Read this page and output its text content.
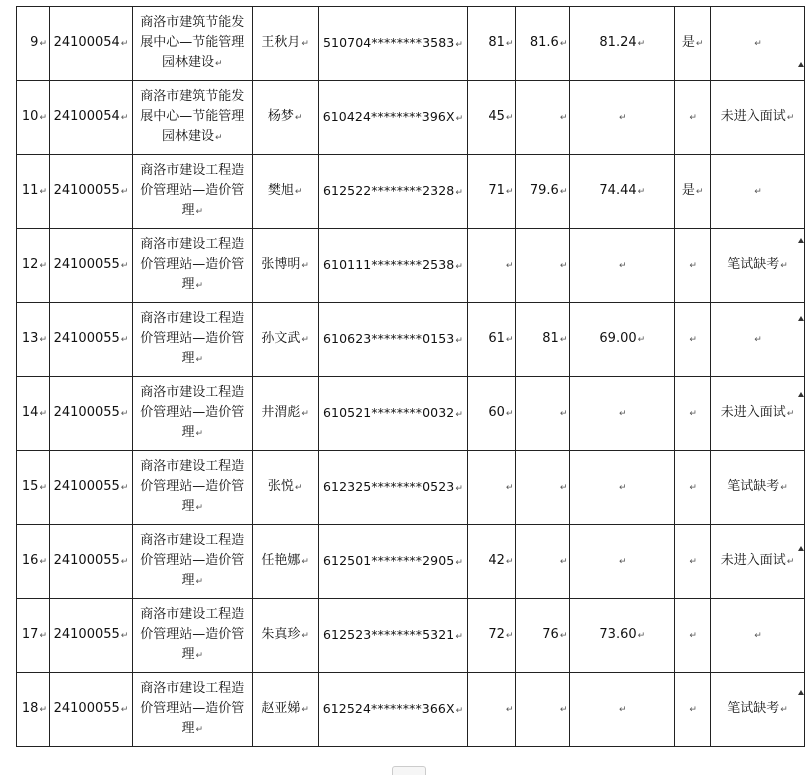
9↵	24100054↵	商洛市建筑节能发展中心—节能管理园林建设↵	王秋月↵	510704********3583↵	81↵	81.6↵	81.24↵	是↵	↵
10↵	24100054↵	商洛市建筑节能发展中心—节能管理园林建设↵	杨梦↵	610424********396X↵	45↵	↵	↵	↵	未进入面试↵
11↵	24100055↵	商洛市建设工程造价管理站—造价管理↵	樊旭↵	612522********2328↵	71↵	79.6↵	74.44↵	是↵	↵
12↵	24100055↵	商洛市建设工程造价管理站—造价管理↵	张博明↵	610111********2538↵	↵	↵	↵	↵	笔试缺考↵
13↵	24100055↵	商洛市建设工程造价管理站—造价管理↵	孙文武↵	610623********0153↵	61↵	81↵	69.00↵	↵	↵
14↵	24100055↵	商洛市建设工程造价管理站—造价管理↵	井渭彪↵	610521********0032↵	60↵	↵	↵	↵	未进入面试↵
15↵	24100055↵	商洛市建设工程造价管理站—造价管理↵	张悦↵	612325********0523↵	↵	↵	↵	↵	笔试缺考↵
16↵	24100055↵	商洛市建设工程造价管理站—造价管理↵	任艳娜↵	612501********2905↵	42↵	↵	↵	↵	未进入面试↵
17↵	24100055↵	商洛市建设工程造价管理站—造价管理↵	朱真珍↵	612523********5321↵	72↵	76↵	73.60↵	↵	↵
18↵	24100055↵	商洛市建设工程造价管理站—造价管理↵	赵亚娣↵	612524********366X↵	↵	↵	↵	↵	笔试缺考↵
